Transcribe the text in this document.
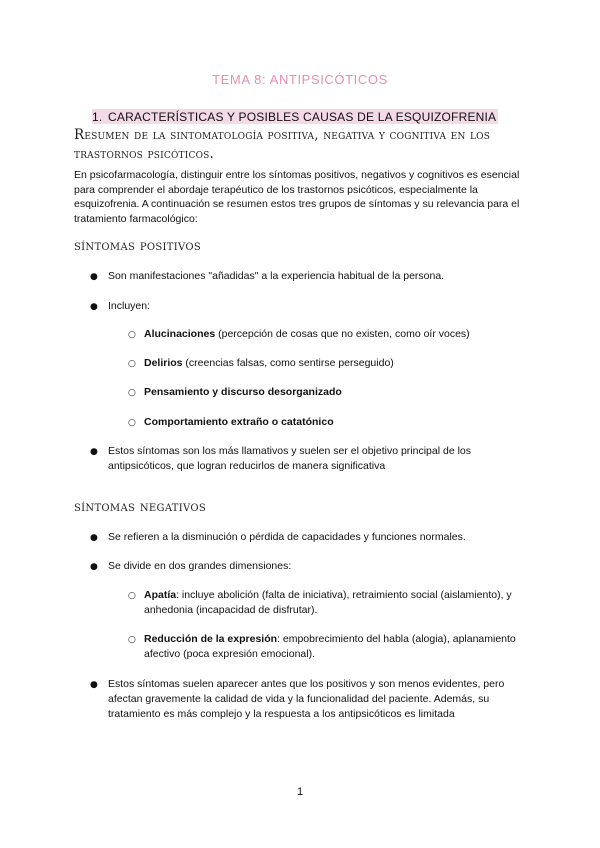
TEMA 8: ANTIPSICÓTICOS
1. CARACTERÍSTICAS Y POSIBLES CAUSAS DE LA ESQUIZOFRENIA
Resumen de la sintomatología positiva, negativa y cognitiva en los trastornos psicóticos.
En psicofarmacología, distinguir entre los síntomas positivos, negativos y cognitivos es esencial para comprender el abordaje terapéutico de los trastornos psicóticos, especialmente la esquizofrenia. A continuación se resumen estos tres grupos de síntomas y su relevancia para el tratamiento farmacológico:
síntomas positivos
● Son manifestaciones "añadidas" a la experiencia habitual de la persona.
● Incluyen:
○ Alucinaciones (percepción de cosas que no existen, como oír voces)
○ Delirios (creencias falsas, como sentirse perseguido)
○ Pensamiento y discurso desorganizado
○ Comportamiento extraño o catatónico
● Estos síntomas son los más llamativos y suelen ser el objetivo principal de los antipsicóticos, que logran reducirlos de manera significativa
síntomas negativos
● Se refieren a la disminución o pérdida de capacidades y funciones normales.
● Se divide en dos grandes dimensiones:
○ Apatía: incluye abolición (falta de iniciativa), retraimiento social (aislamiento), y anhedonia (incapacidad de disfrutar).
○ Reducción de la expresión: empobrecimiento del habla (alogia), aplanamiento afectivo (poca expresión emocional).
● Estos síntomas suelen aparecer antes que los positivos y son menos evidentes, pero afectan gravemente la calidad de vida y la funcionalidad del paciente. Además, su tratamiento es más complejo y la respuesta a los antipsicóticos es limitada
1
